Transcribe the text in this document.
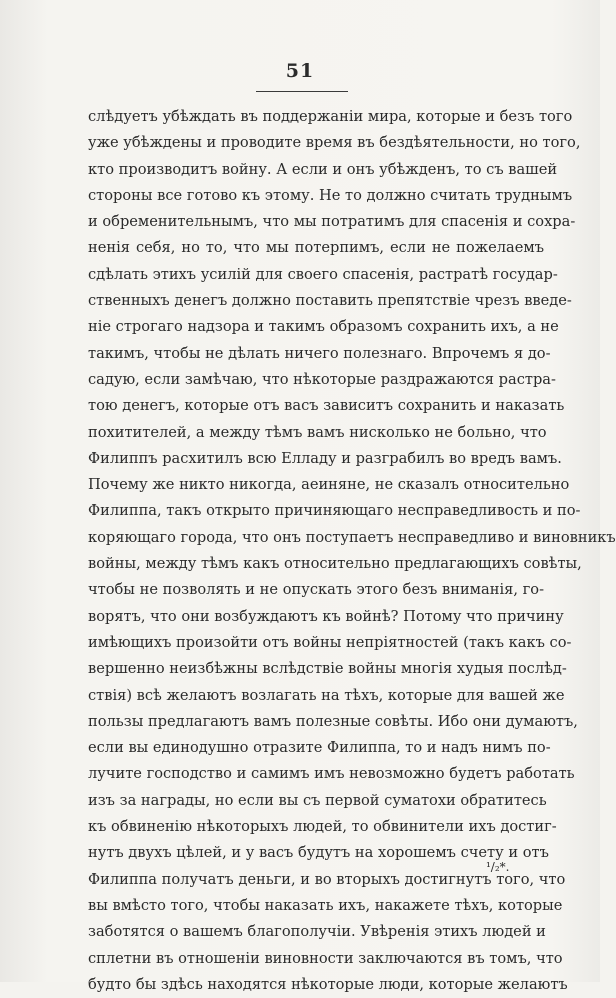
51
слѣдуетъ убѣждать въ поддержанiи мира, которые и безъ того
уже убѣждены и проводите время въ бездѣятельности, но того,
кто производитъ войну. А если и онъ убѣжденъ, то съ вашей
стороны все готово къ этому. Не то должно считать труднымъ
и обременительнымъ, что мы потратимъ для спасенiя и сохра-
ненiя себя, но то, что мы потерпимъ, если не пожелаемъ
сдѣлать этихъ усилiй для своего спасенiя, растратѣ государ-
ственныхъ денегъ должно поставить препятствiе чрезъ введе-
нiе строгаго надзора и такимъ образомъ сохранить ихъ, а не
такимъ, чтобы не дѣлать ничего полезнаго. Впрочемъ я до-
садую, если замѣчаю, что нѣкоторые раздражаются растра-
тою денегъ, которые отъ васъ зависитъ сохранить и наказать
похитителей, а между тѣмъ вамъ нисколько не больно, что
Филиппъ расхитилъ всю Елладу и разграбилъ во вредъ вамъ.
Почему же никто никогда, аеиняне, не сказалъ относительно
Филиппа, такъ открыто причиняющаго несправедливость и по-
коряющаго города, что онъ поступаетъ несправедливо и виновникъ
войны, между тѣмъ какъ относительно предлагающихъ совѣты,
чтобы не позволять и не опускать этого безъ вниманiя, го-
ворятъ, что они возбуждаютъ къ войнѣ? Потому что причину
имѣющихъ произойти отъ войны непрiятностей (такъ какъ со-
вершенно неизбѣжны вслѣдствiе войны многiя худыя послѣд-
ствiя) всѣ желаютъ возлагать на тѣхъ, которые для вашей же
пользы предлагаютъ вамъ полезные совѣты. Ибо они думаютъ,
если вы единодушно отразите Филиппа, то и надъ нимъ по-
лучите господство и самимъ имъ невозможно будетъ работать
изъ за награды, но если вы съ первой суматохи обратитесь
къ обвиненiю нѣкоторыхъ людей, то обвинители ихъ достиг-
нутъ двухъ цѣлей, и у васъ будутъ на хорошемъ счету и отъ
Филиппа получатъ деньги, и во вторыхъ достигнутъ того, что
вы вмѣсто того, чтобы наказать ихъ, накажете тѣхъ, которые
заботятся о вашемъ благополучiи. Увѣренiя этихъ людей и
сплетни въ отношенiи виновности заключаются въ томъ, что
будто бы здѣсь находятся нѣкоторые люди, которые желаютъ
¹/₂*.
